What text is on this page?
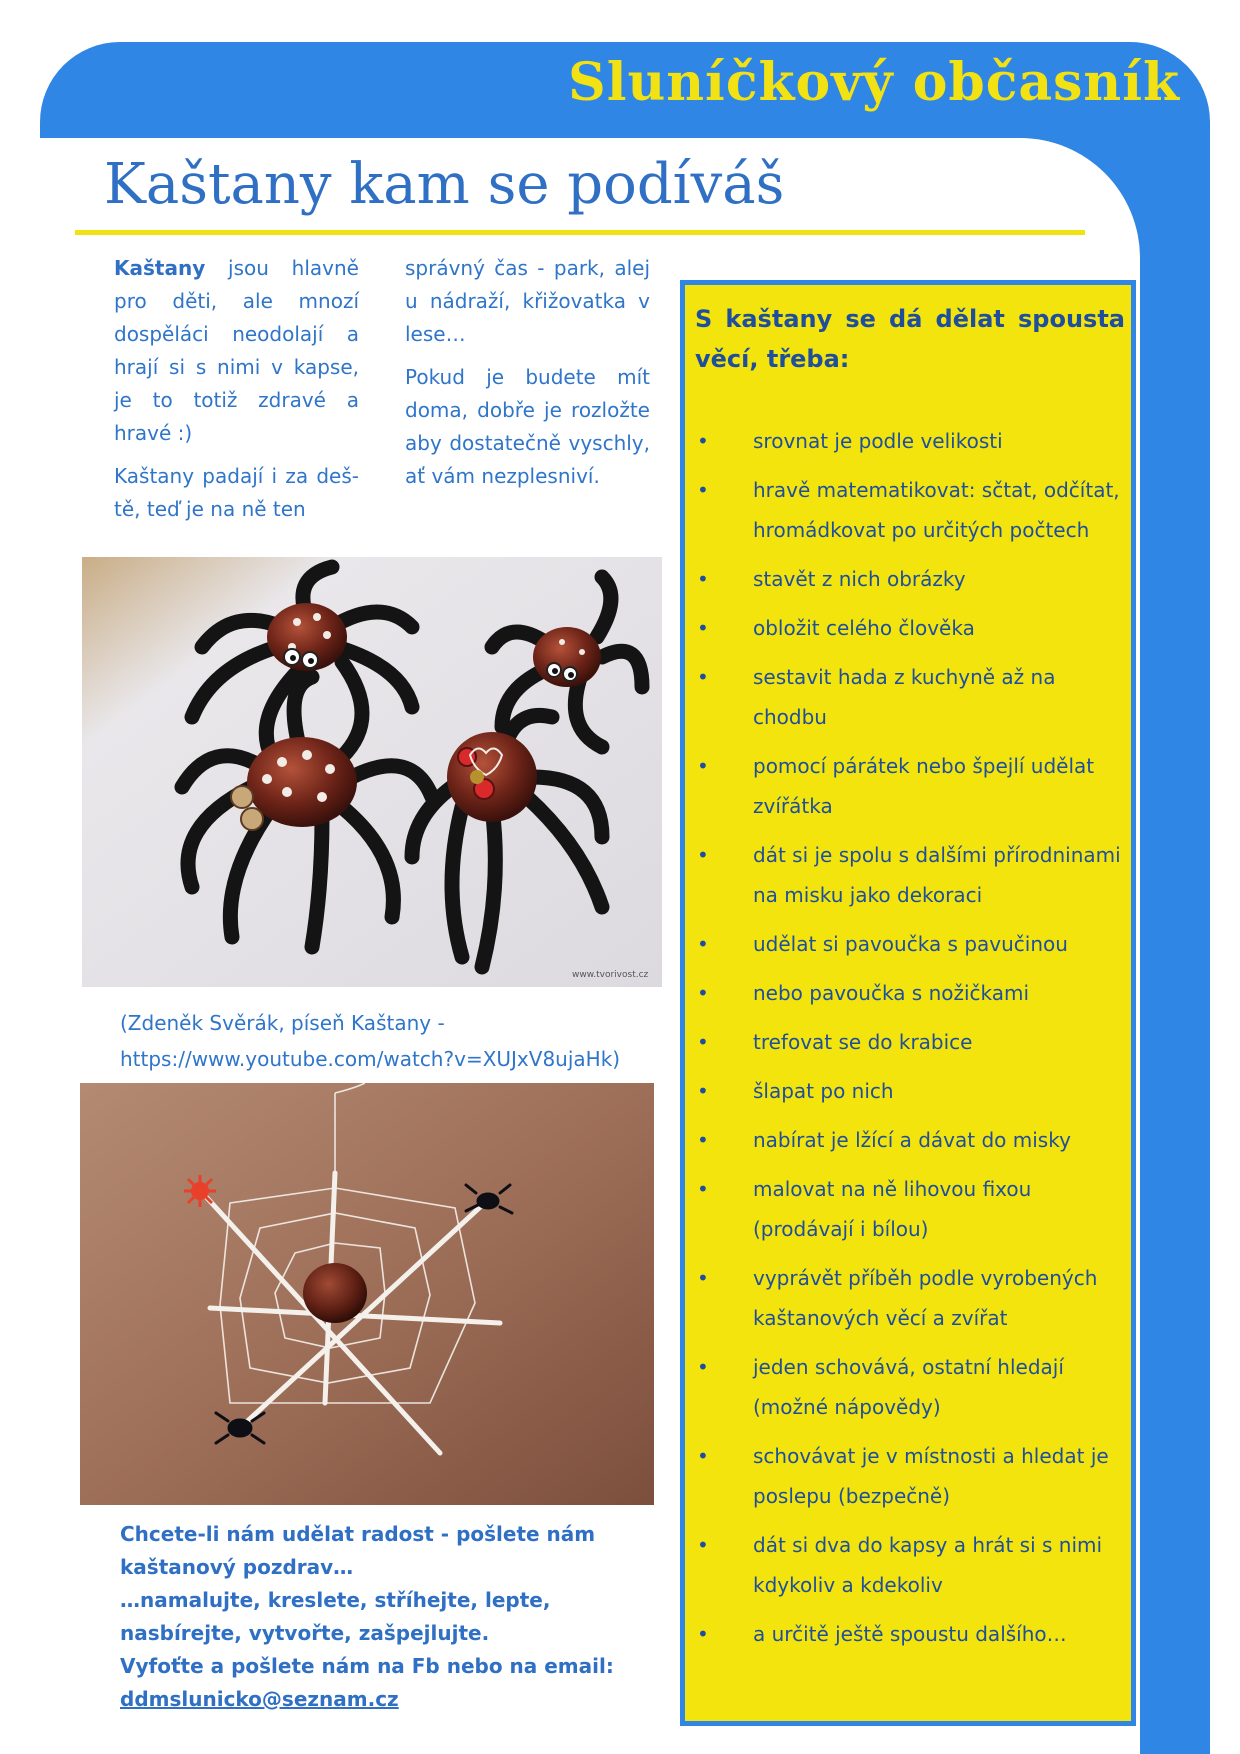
Sluníčkový občasník
Kaštany kam se podíváš

Kaštany jsou hlavně pro děti, ale mnozí dospěláci neodolají a hrají si s nimi v kapse, je to totiž zdravé a hravé :)

Kaštany padají i za deš-tě, teď je na ně ten

správný čas - park, alej u nádraží, křižovatka v lese…

Pokud je budete mít doma, dobře je rozložte aby dostatečně vyschly, ať vám nezplesniví.

www.tvorivost.cz
(Zdeněk Svěrák, píseň Kaštany -
https://www.youtube.com/watch?v=XUJxV8ujaHk)
Chcete-li nám udělat radost - pošlete nám
kaštanový pozdrav…
…namalujte, kreslete, stříhejte, lepte,
nasbírejte, vytvořte, zašpejlujte.
Vyfoťte a pošlete nám na Fb nebo na email:
ddmslunicko@seznam.cz

S kaštany se dá dělat spousta věcí, třeba:

• srovnat je podle velikosti
• hravě matematikovat: sčtat, odčítat, hromádkovat po určitých počtech
• stavět z nich obrázky
• obložit celého člověka
• sestavit hada z kuchyně až na chodbu
• pomocí párátek nebo špejlí udělat zvířátka
• dát si je spolu s dalšími přírodninami na misku jako dekoraci
• udělat si pavoučka s pavučinou
• nebo pavoučka s nožičkami
• trefovat se do krabice
• šlapat po nich
• nabírat je lžící a dávat do misky
• malovat na ně lihovou fixou (prodávají i bílou)
• vyprávět příběh podle vyrobených kaštanových věcí a zvířat
• jeden schovává, ostatní hledají (možné nápovědy)
• schovávat je v místnosti a hledat je poslepu (bezpečně)
• dát si dva do kapsy a hrát si s nimi kdykoliv a kdekoliv
• a určitě ještě spoustu dalšího…
